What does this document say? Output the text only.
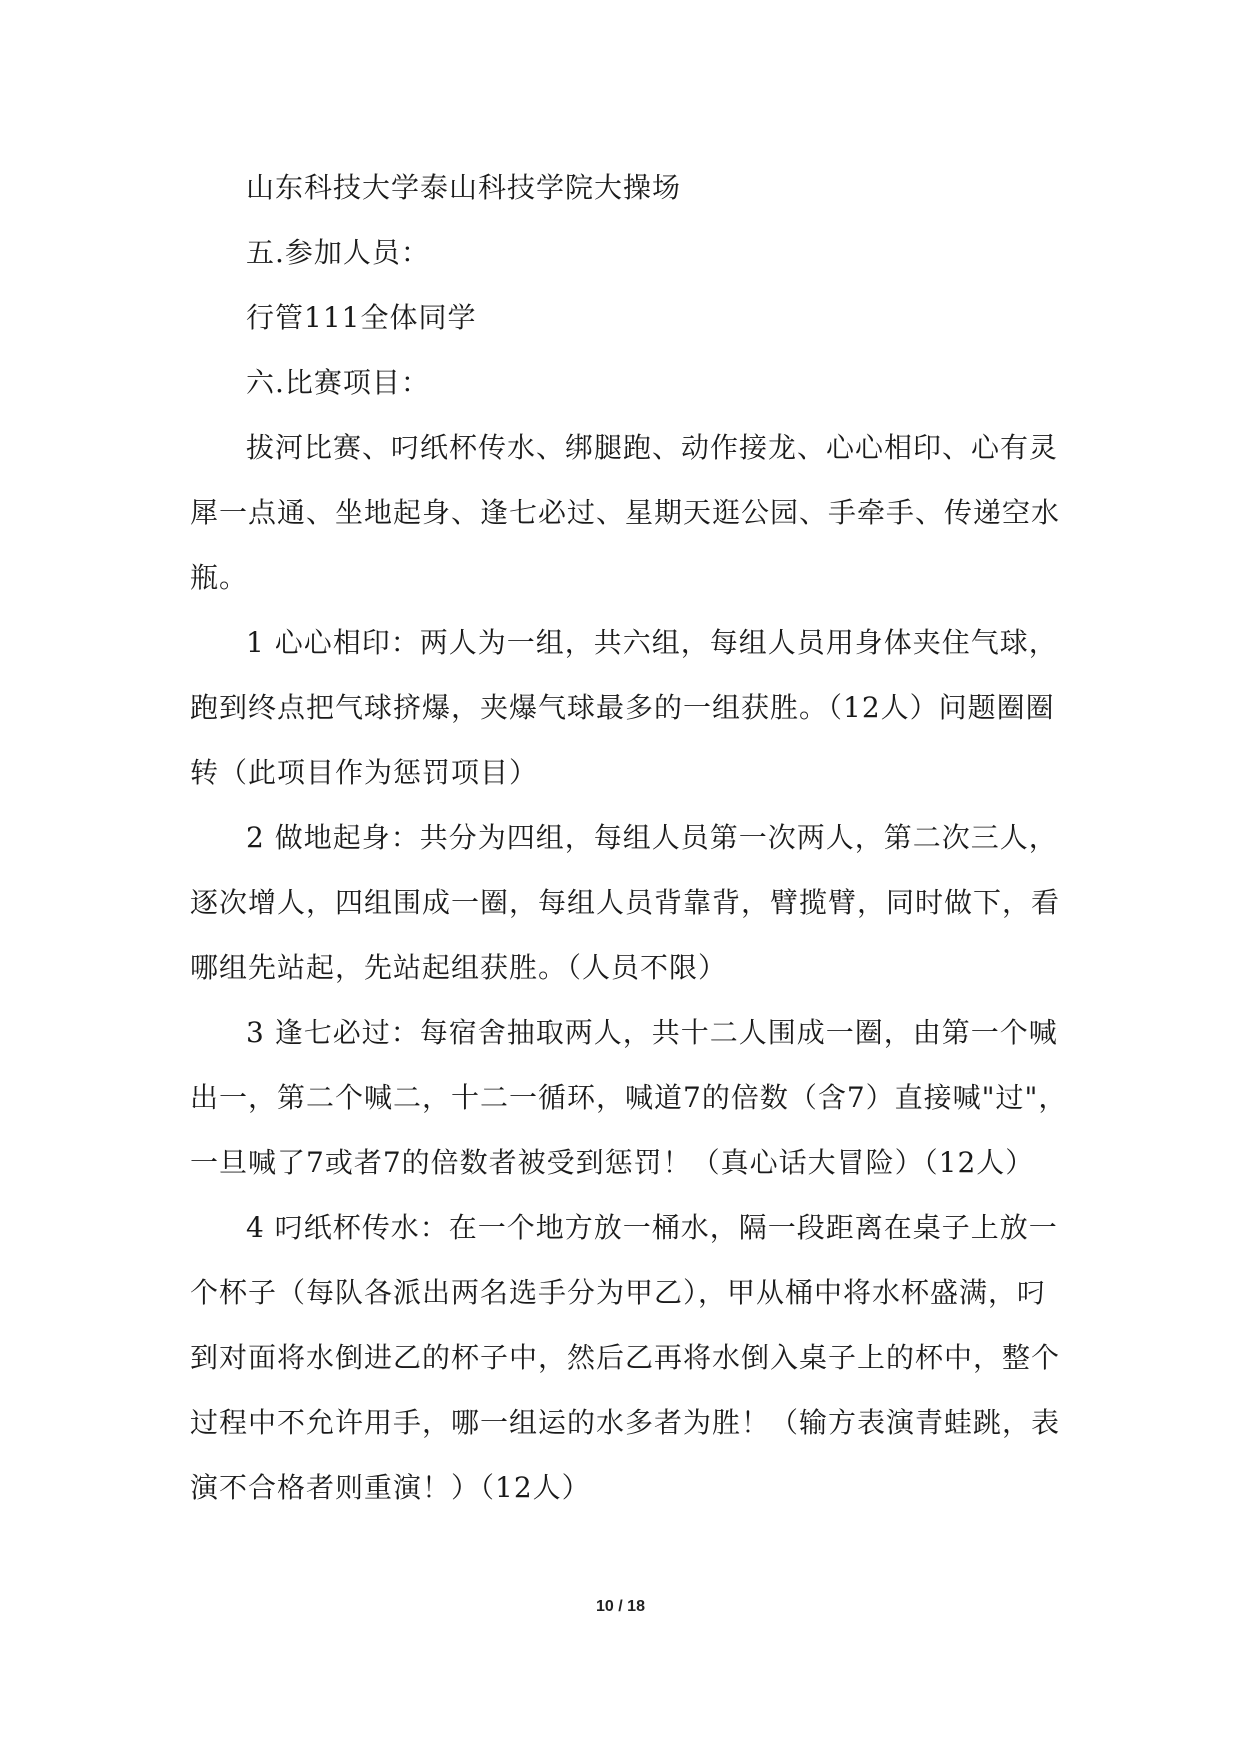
山东科技大学泰山科技学院大操场

五.参加人员：

行管111全体同学

六.比赛项目：

拔河比赛、叼纸杯传水、绑腿跑、动作接龙、心心相印、心有灵犀一点通、坐地起身、逢七必过、星期天逛公园、手牵手、传递空水瓶。

1 心心相印：两人为一组，共六组，每组人员用身体夹住气球，跑到终点把气球挤爆，夹爆气球最多的一组获胜。（12人）问题圈圈转（此项目作为惩罚项目）

2 做地起身：共分为四组，每组人员第一次两人，第二次三人，逐次增人，四组围成一圈，每组人员背靠背，臂揽臂，同时做下，看哪组先站起，先站起组获胜。（人员不限）

3 逢七必过：每宿舍抽取两人，共十二人围成一圈，由第一个喊出一，第二个喊二，十二一循环，喊道7的倍数（含7）直接喊"过"，一旦喊了7或者7的倍数者被受到惩罚！（真心话大冒险）（12人）

4 叼纸杯传水：在一个地方放一桶水，隔一段距离在桌子上放一个杯子（每队各派出两名选手分为甲乙），甲从桶中将水杯盛满，叼到对面将水倒进乙的杯子中，然后乙再将水倒入桌子上的杯中，整个过程中不允许用手，哪一组运的水多者为胜！（输方表演青蛙跳，表演不合格者则重演！）（12人）

10 / 18
